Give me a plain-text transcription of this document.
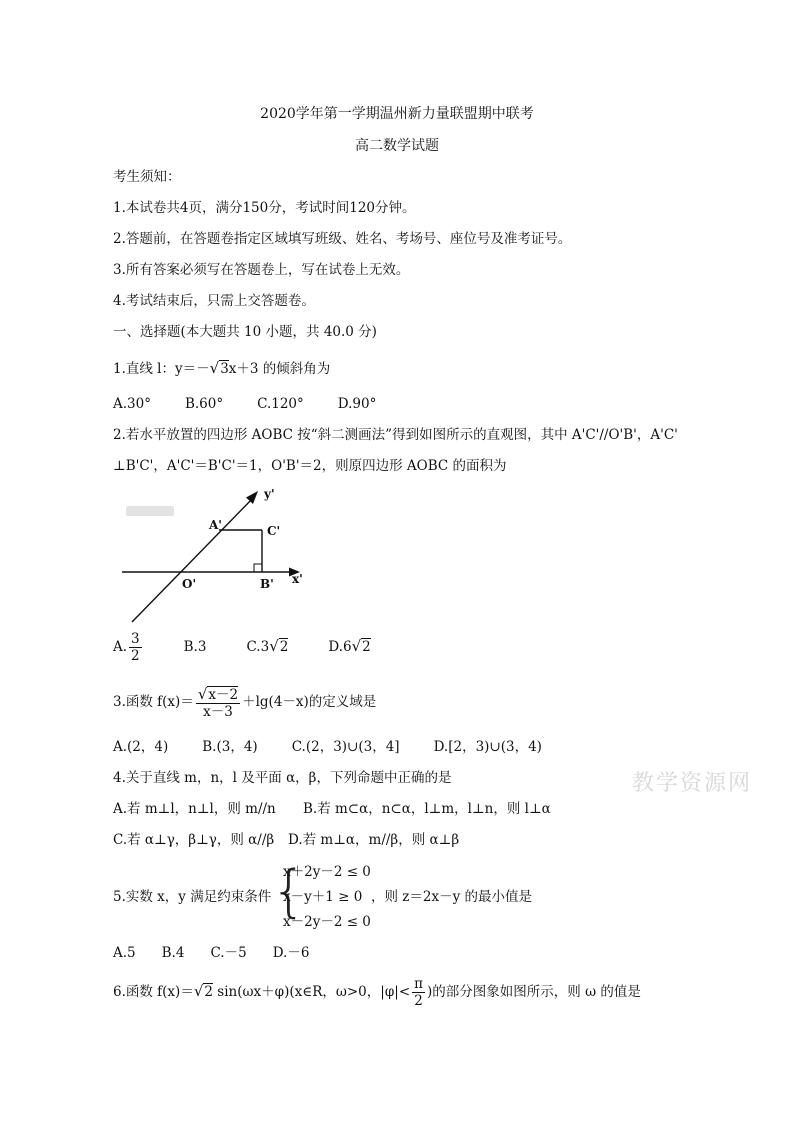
2020学年第一学期温州新力量联盟期中联考
高二数学试题
考生须知：
1.本试卷共4页，满分150分，考试时间120分钟。
2.答题前，在答题卷指定区域填写班级、姓名、考场号、座位号及准考证号。
3.所有答案必须写在答题卷上，写在试卷上无效。
4.考试结束后，只需上交答题卷。
一、选择题(本大题共 10 小题，共 40.0 分)
1.直线 l：y＝－√3x＋3 的倾斜角为
A.30°	B.60°	C.120°	D.90°
2.若水平放置的四边形 AOBC 按“斜二测画法”得到如图所示的直观图，其中 A'C'//O'B'，A'C'
⊥B'C'，A'C'＝B'C'＝1，O'B'＝2，则原四边形 AOBC 的面积为
y'
x'
A'	C'
O'	B'
A. $\frac{3}{2}$	B.3	C.3√2	D.6√2
3.函数 $f(x)= \frac{√x-2}{x-3} +\lg(4-x)$的定义域是
A.(2，4)	B.(3，4)	C.(2，3)∪(3，4]	D.[2，3)∪(3，4)
4.关于直线 m，n，l 及平面 α，β，下列命题中正确的是	教学资源网
A.若 m⊥l，n⊥l，则 m//n B.若 m⊂α，n⊂α，l⊥m，l⊥n，则 l⊥α
C.若 α⊥γ，β⊥γ，则 α//β D.若 m⊥α，m//β，则 α⊥β
5.实数 x，y 满足约束条件 {
x＋2y－2 ≤ 0
x－y＋1 ≥ 0
x－2y－2 ≤ 0
，则 z＝2x－y 的最小值是
A.5 B.4 C.－5 D.－6
6.函数 f(x)＝√2 sin(ωx＋φ)(x∈R，ω>0，$|\varphi|< \frac{\pi}{2}$ )的部分图象如图所示，则 ω 的值是
